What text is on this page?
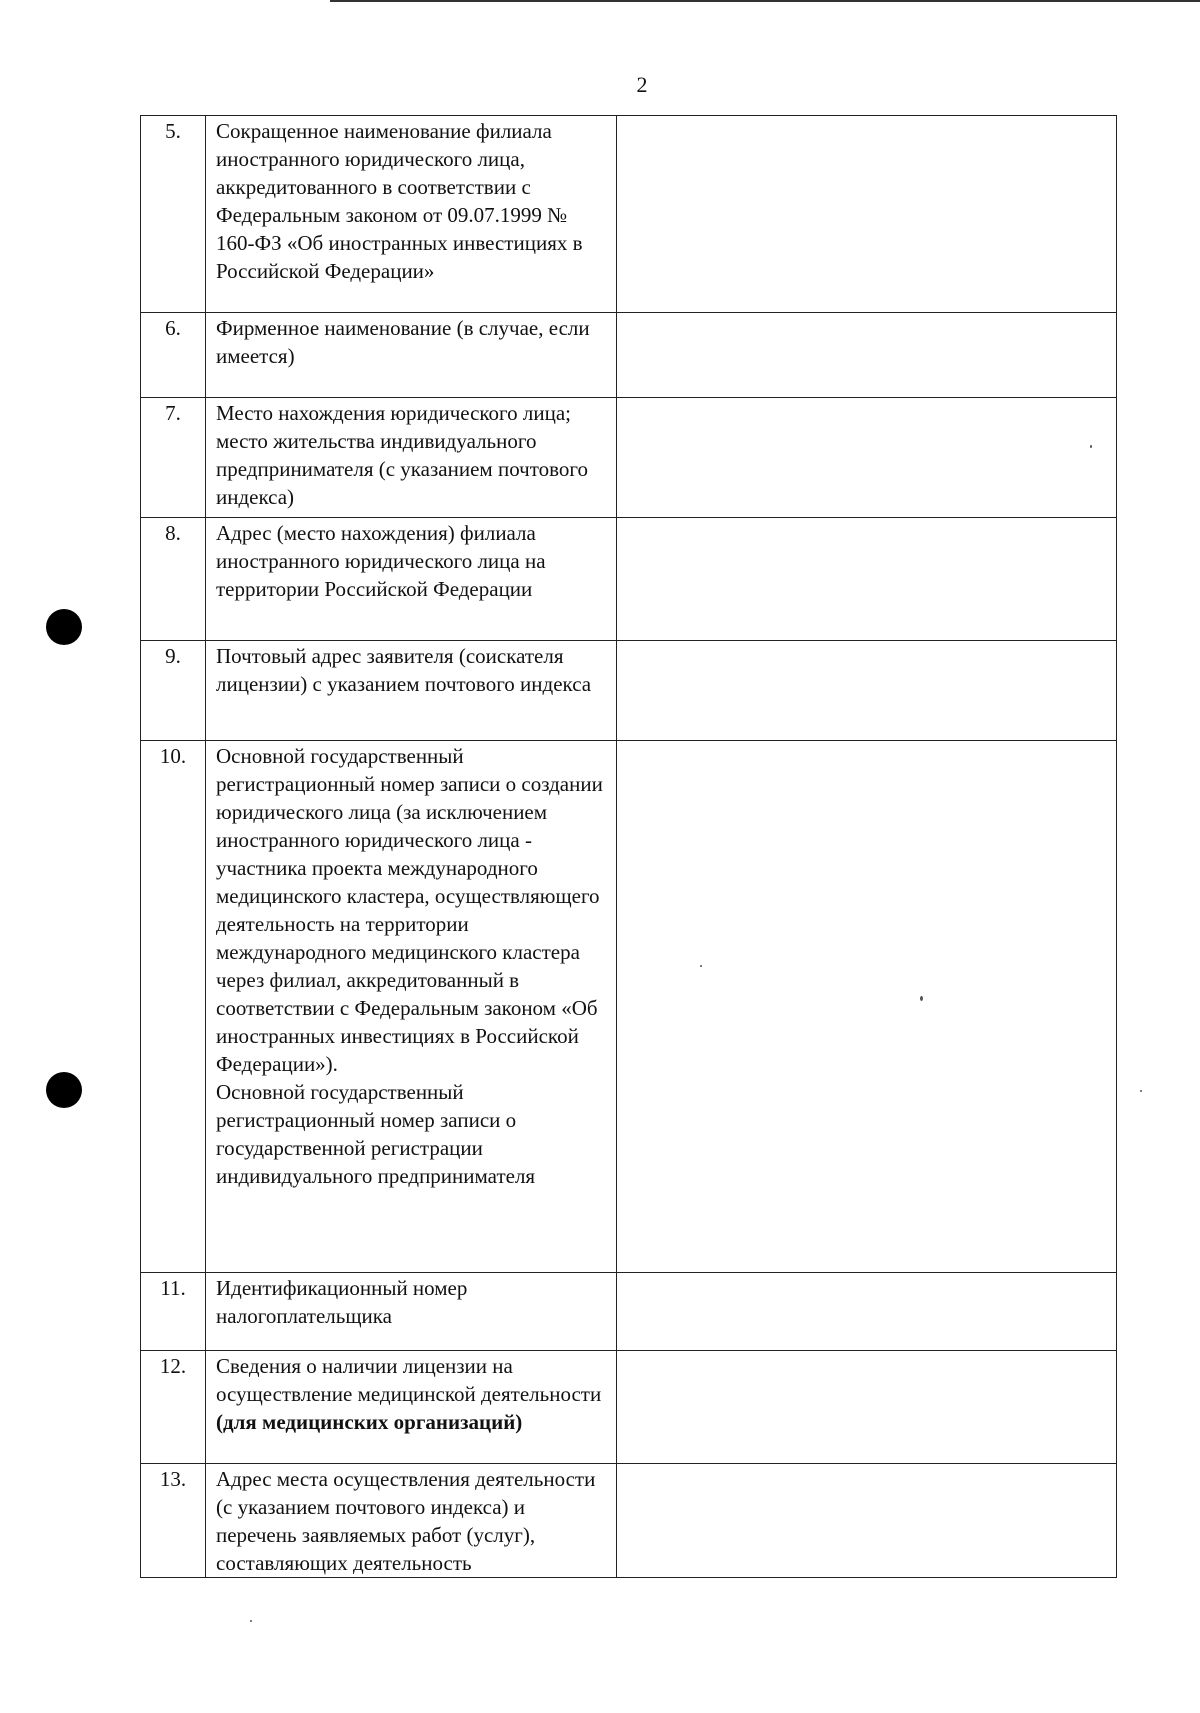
2
5.	Сокращенное наименование филиала иностранного юридического лица, аккредитованного в соответствии с Федеральным законом от 09.07.1999 № 160-ФЗ «Об иностранных инвестициях в Российской Федерации»	
6.	Фирменное наименование (в случае, если имеется)	
7.	Место нахождения юридического лица; место жительства индивидуального предпринимателя (с указанием почтового индекса)	
8.	Адрес (место нахождения) филиала иностранного юридического лица на территории Российской Федерации	
9.	Почтовый адрес заявителя (соискателя лицензии) с указанием почтового индекса	
10.	Основной государственный регистрационный номер записи о создании юридического лица (за исключением иностранного юридического лица - участника проекта международного медицинского кластера, осуществляющего деятельность на территории международного медицинского кластера через филиал, аккредитованный в соответствии с Федеральным законом «Об иностранных инвестициях в Российской Федерации»).
Основной государственный регистрационный номер записи о государственной регистрации индивидуального предпринимателя	

11.	Идентификационный номер налогоплательщика	
12.	Сведения о наличии лицензии на осуществление медицинской деятельности (для медицинских организаций)	
13.	Адрес места осуществления деятельности (с указанием почтового индекса) и перечень заявляемых работ (услуг), составляющих деятельность	
